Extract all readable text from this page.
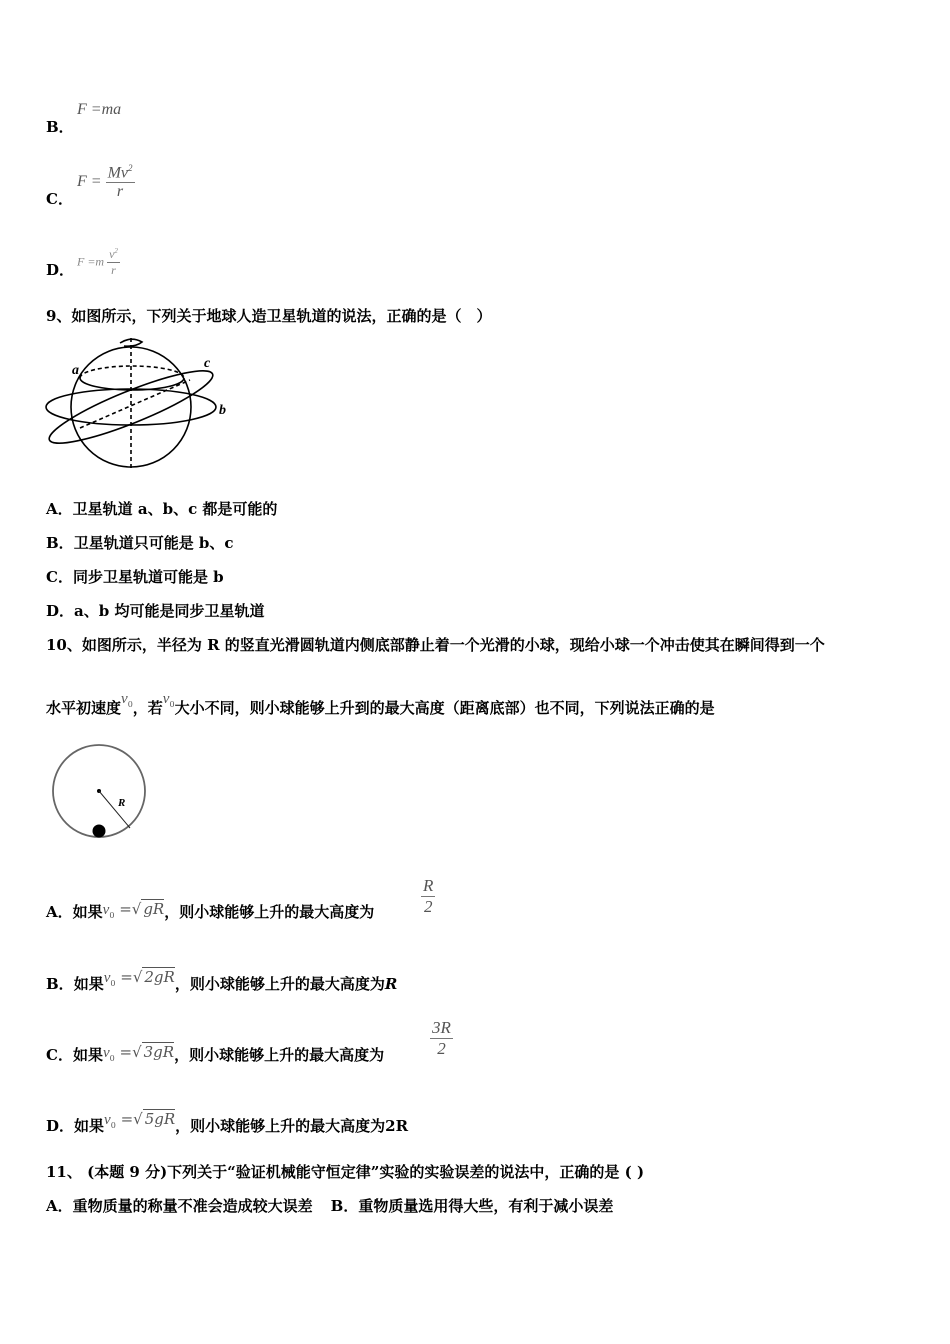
B．
F =ma
C．
$F = \frac{Mv^2}{r}$
D． $F =m \frac{v^2}{r}$
9、如图所示，下列关于地球人造卫星轨道的说法，正确的是（　）
a
b
c
A．卫星轨道 a、b、c 都是可能的
B．卫星轨道只可能是 b、c
C．同步卫星轨道可能是 b
D．a、b 均可能是同步卫星轨道
10、如图所示，半径为 R 的竖直光滑圆轨道内侧底部静止着一个光滑的小球，现给小球一个冲击使其在瞬间得到一个
水平初速度$v_0$，若$v_0$大小不同，则小球能够上升到的最大高度（距离底部）也不同，下列说法正确的是
R
A．如果$v_0$ =√ gR，则小球能够上升的最大高度为	$\frac{R}{2}$
B．如果$v_0$ =√ 2gR，则小球能够上升的最大高度为R
C．如果$v_0$ =√ 3gR，则小球能够上升的最大高度为	$\frac{3R}{2}$
D．如果$v_0$ =√ 5gR，则小球能够上升的最大高度为2R
11、 (本题 9 分)下列关于“验证机械能守恒定律”实验的实验误差的说法中，正确的是 ( )
A．重物质量的称量不准会造成较大误差 B．重物质量选用得大些，有利于减小误差
